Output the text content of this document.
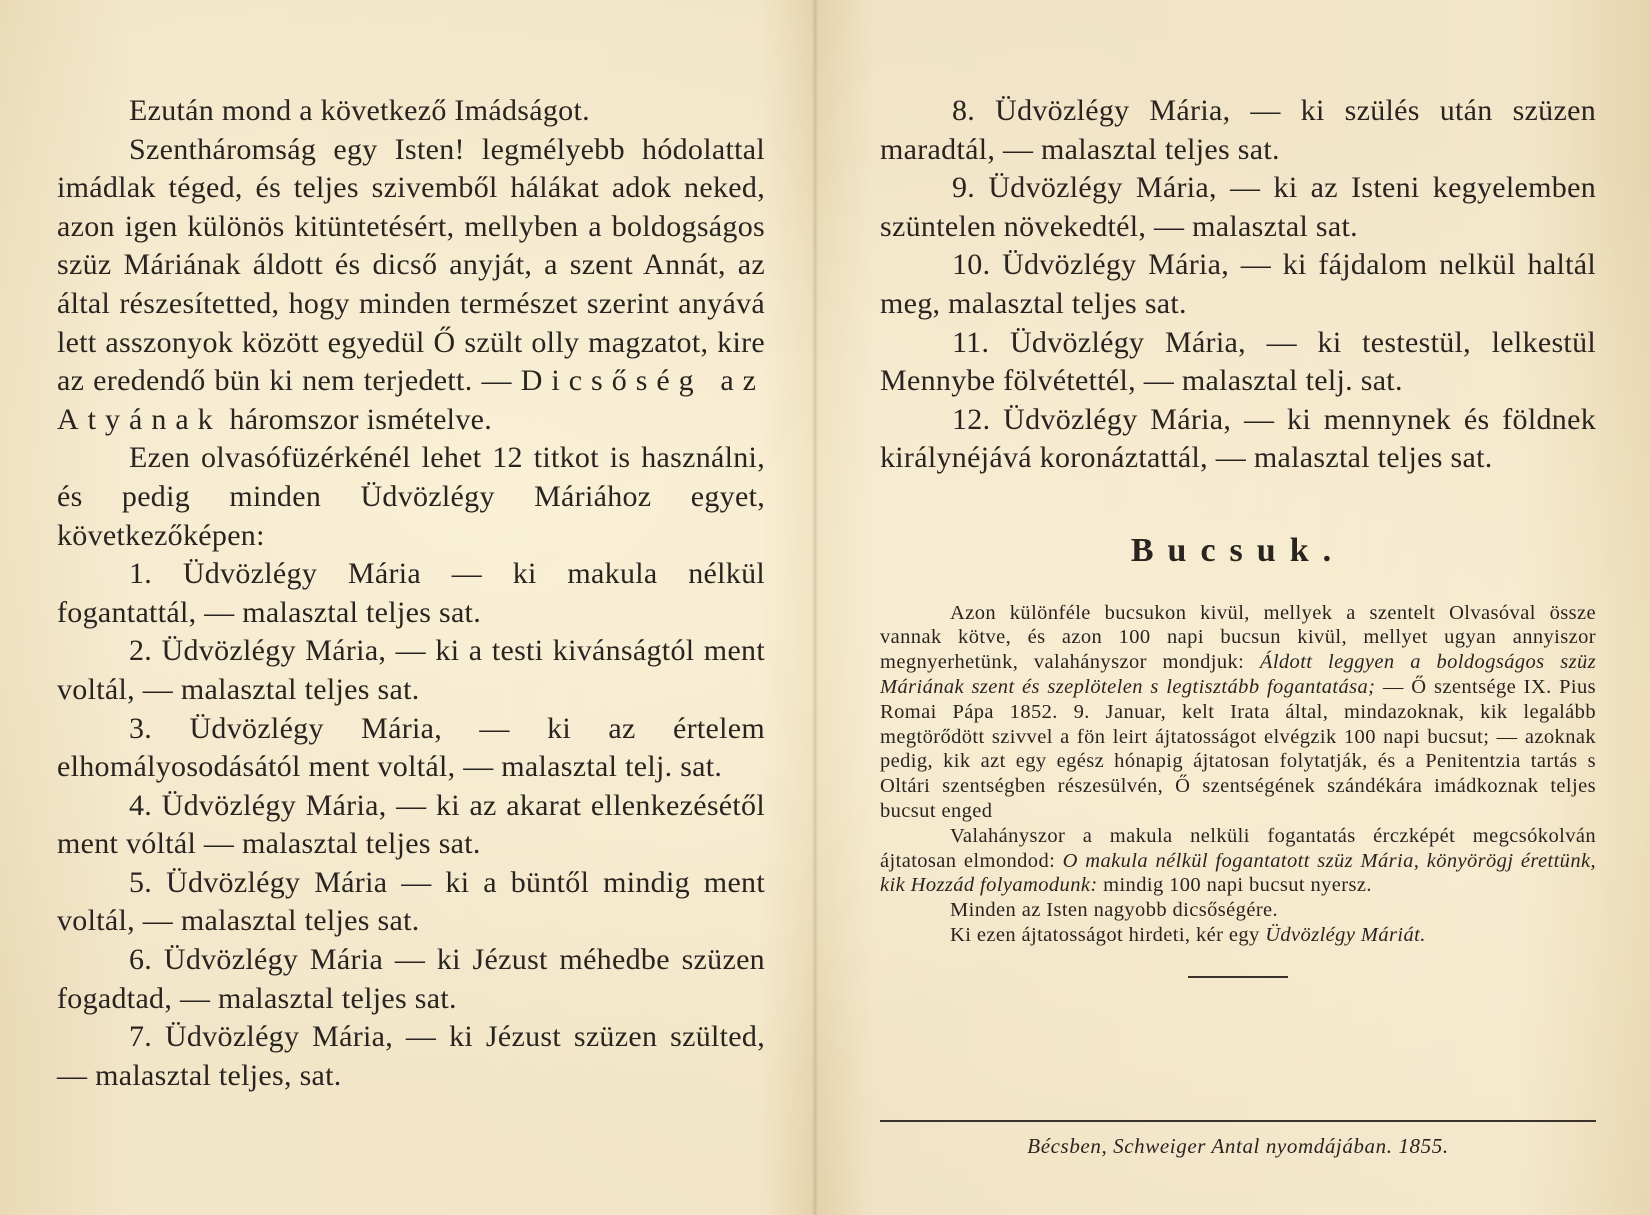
Ezután mond a következő Imádságot.

Szentháromság egy Isten! legmélyebb hódolattal imádlak téged, és teljes szivemből hálákat adok neked, azon igen különös kitüntetésért, mellyben a boldogságos szüz Máriának áldott és dicső anyját, a szent Annát, az által részesítetted, hogy minden természet szerint anyává lett asszonyok között egyedül Ő szült olly magzatot, kire az eredendő bün ki nem terjedett. — Dicsőség az Atyának háromszor ismételve.

Ezen olvasófüzérkénél lehet 12 titkot is használni, és pedig minden Üdvözlégy Máriához egyet, következőképen:

1. Üdvözlégy Mária — ki makula nélkül fogantattál, — malasztal teljes sat.

2. Üdvözlégy Mária, — ki a testi kivánságtól ment voltál, — malasztal teljes sat.

3. Üdvözlégy Mária, — ki az értelem elhomályosodásától ment voltál, — malasztal telj. sat.

4. Üdvözlégy Mária, — ki az akarat ellenkezésétől ment vóltál — malasztal teljes sat.

5. Üdvözlégy Mária — ki a büntől mindig ment voltál, — malasztal teljes sat.

6. Üdvözlégy Mária — ki Jézust méhedbe szüzen fogadtad, — malasztal teljes sat.

7. Üdvözlégy Mária, — ki Jézust szüzen szülted, — malasztal teljes, sat.

8. Üdvözlégy Mária, — ki szülés után szüzen maradtál, — malasztal teljes sat.

9. Üdvözlégy Mária, — ki az Isteni kegyelemben szüntelen növekedtél, — malasztal sat.

10. Üdvözlégy Mária, — ki fájdalom nelkül haltál meg, malasztal teljes sat.

11. Üdvözlégy Mária, — ki testestül, lelkestül Mennybe fölvétettél, — malasztal telj. sat.

12. Üdvözlégy Mária, — ki mennynek és földnek királynéjává koronáztattál, — malasztal teljes sat.

Bucsuk.

Azon különféle bucsukon kivül, mellyek a szentelt Olvasóval össze vannak kötve, és azon 100 napi bucsun kivül, mellyet ugyan annyiszor megnyerhetünk, valahányszor mondjuk: Áldott leggyen a boldogságos szüz Máriának szent és szeplötelen s legtisztább fogantatása; — Ő szentsége IX. Pius Romai Pápa 1852. 9. Januar, kelt Irata által, mindazoknak, kik legalább megtörődött szivvel a fön leirt ájtatosságot elvégzik 100 napi bucsut; — azoknak pedig, kik azt egy egész hónapig ájtatosan folytatják, és a Penitentzia tartás s Oltári szentségben részesülvén, Ő szentségének szándékára imádkoznak teljes bucsut enged

Valahányszor a makula nelküli fogantatás érczképét megcsókolván ájtatosan elmondod: O makula nélkül fogantatott szüz Mária, könyörögj érettünk, kik Hozzád folyamodunk: mindig 100 napi bucsut nyersz.

Minden az Isten nagyobb dicsőségére.

Ki ezen ájtatosságot hirdeti, kér egy Üdvözlégy Máriát.

Bécsben, Schweiger Antal nyomdájában. 1855.
